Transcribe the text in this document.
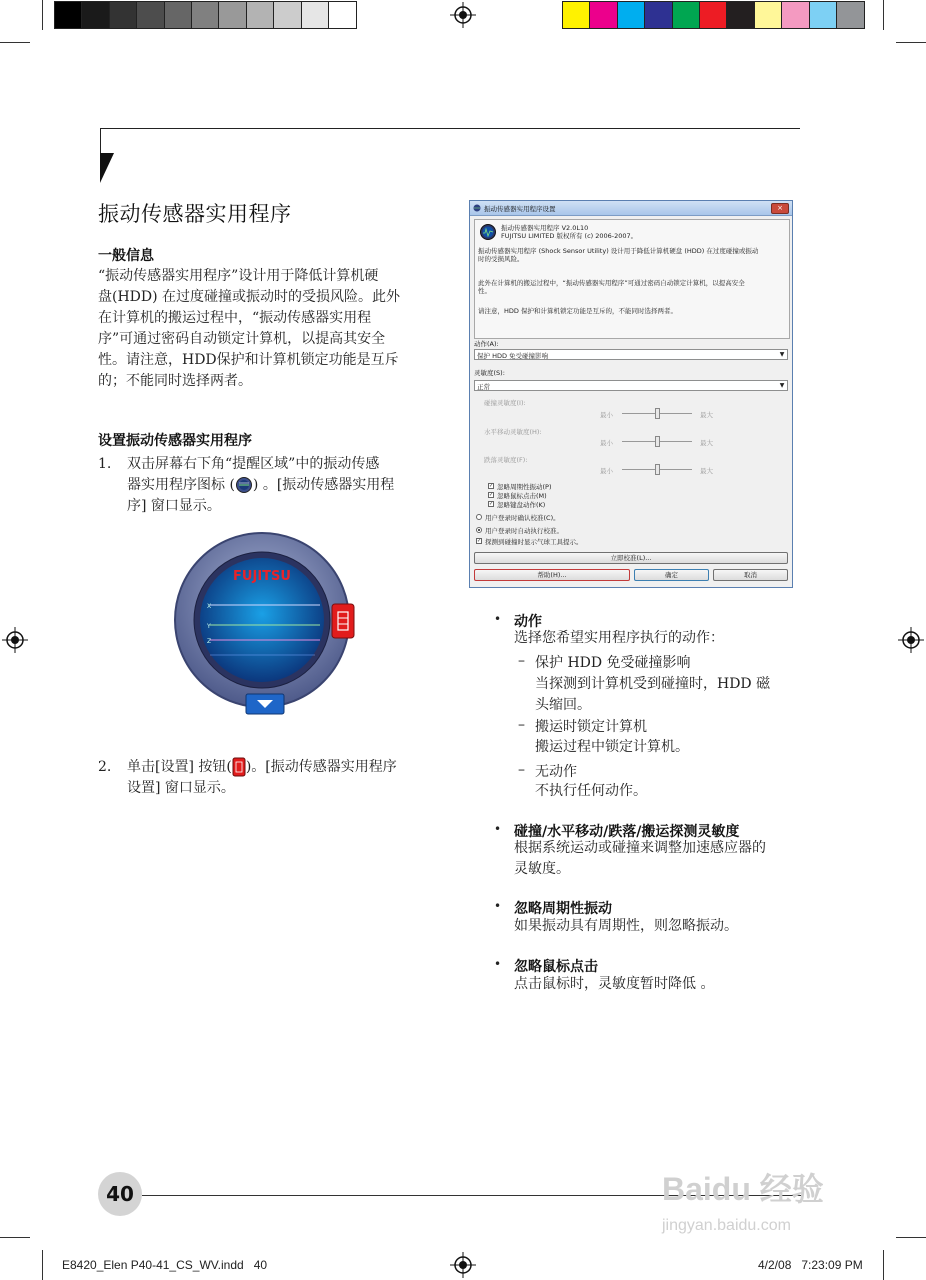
振动传感器实用程序
一般信息
“振动传感器实用程序”设计用于降低计算机硬
盘(HDD) 在过度碰撞或振动时的受损风险。此外
在计算机的搬运过程中，“振动传感器实用程
序”可通过密码自动锁定计算机，以提高其安全
性。请注意，HDD保护和计算机锁定功能是互斥
的；不能同时选择两者。
设置振动传感器实用程序
1. 双击屏幕右下角“提醒区域”中的振动传感
器实用程序图标 ( ) 。[振动传感器实用程
序] 窗口显示。
X
Y
Z
FUJITSU
2. 单击[设置] 按钮( )。[振动传感器实用程序
设置] 窗口显示。
振动传感器实用程序设置	×
振动传感器实用程序 V2.0L10
FUJITSU LIMITED 版权所有 (c) 2006-2007。
振动传感器实用程序 (Shock Sensor Utility) 设计用于降低计算机硬盘 (HDD) 在过度碰撞或振动
时的受损风险。
此外在计算机的搬运过程中，“振动传感器实用程序”可通过密码自动锁定计算机，以提高安全
性。
请注意，HDD 保护和计算机锁定功能是互斥的，不能同时选择两者。
动作(A):
保护 HDD 免受碰撞影响	▼
灵敏度(S):
正常	▼
碰撞灵敏度(I):
最小	最大
水平移动灵敏度(H):
最小	最大
跌落灵敏度(F):
最小	最大
✓ 忽略周期性振动(P)
✓ 忽略鼠标点击(M)
✓ 忽略键盘动作(K)
用户登录时确认校准(C)。
用户登录时自动执行校准。
✓ 探测到碰撞时显示气球工具提示。
立即校准(L)...
帮助(H)...	确定	取消
• 动作
选择您希望实用程序执行的动作：
– 保护 HDD 免受碰撞影响
当探测到计算机受到碰撞时，HDD 磁
头缩回。
– 搬运时锁定计算机
搬运过程中锁定计算机。
– 无动作
不执行任何动作。
• 碰撞/水平移动/跌落/搬运探测灵敏度
根据系统运动或碰撞来调整加速感应器的
灵敏度。
• 忽略周期性振动
如果振动具有周期性，则忽略振动。
• 忽略鼠标点击
点击鼠标时，灵敏度暂时降低 。
40	Baidu 经验
jingyan.baidu.com
E8420_Elen P40-41_CS_WV.indd   40	4/2/08   7:23:09 PM
